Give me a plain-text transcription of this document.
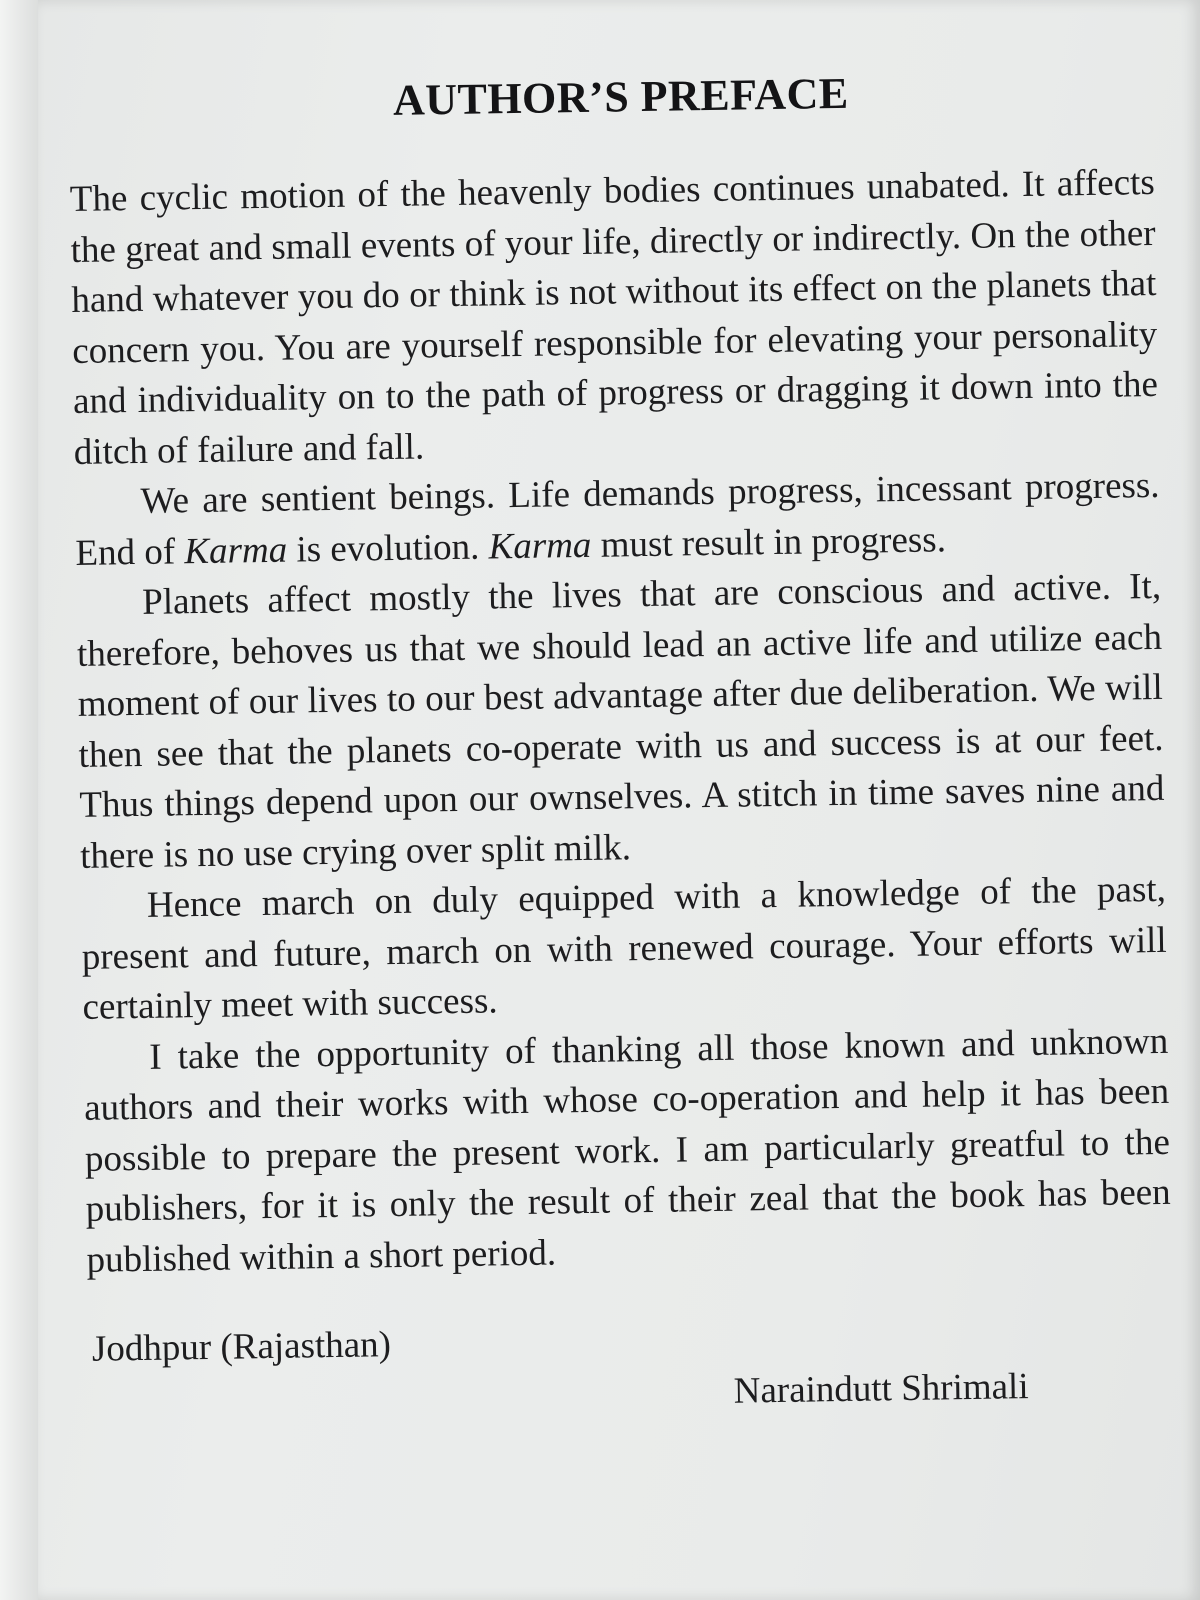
AUTHOR’S PREFACE

The cyclic motion of the heavenly bodies continues unabated. It affects the great and small events of your life, directly or indirectly. On the other hand whatever you do or think is not without its effect on the planets that concern you. You are yourself responsible for elevating your personality and individuality on to the path of progress or dragging it down into the ditch of failure and fall.

We are sentient beings. Life demands progress, incessant progress. End of Karma is evolution. Karma must result in progress.

Planets affect mostly the lives that are conscious and active. It, therefore, behoves us that we should lead an active life and utilize each moment of our lives to our best advantage after due deliberation. We will then see that the planets co-operate with us and success is at our feet. Thus things depend upon our ownselves. A stitch in time saves nine and there is no use crying over split milk.

Hence march on duly equipped with a knowledge of the past, present and future, march on with renewed courage. Your efforts will certainly meet with success.

I take the opportunity of thanking all those known and unknown authors and their works with whose co-operation and help it has been possible to prepare the present work. I am particularly greatful to the publishers, for it is only the result of their zeal that the book has been published within a short period.

Jodhpur (Rajasthan)
Naraindutt Shrimali
